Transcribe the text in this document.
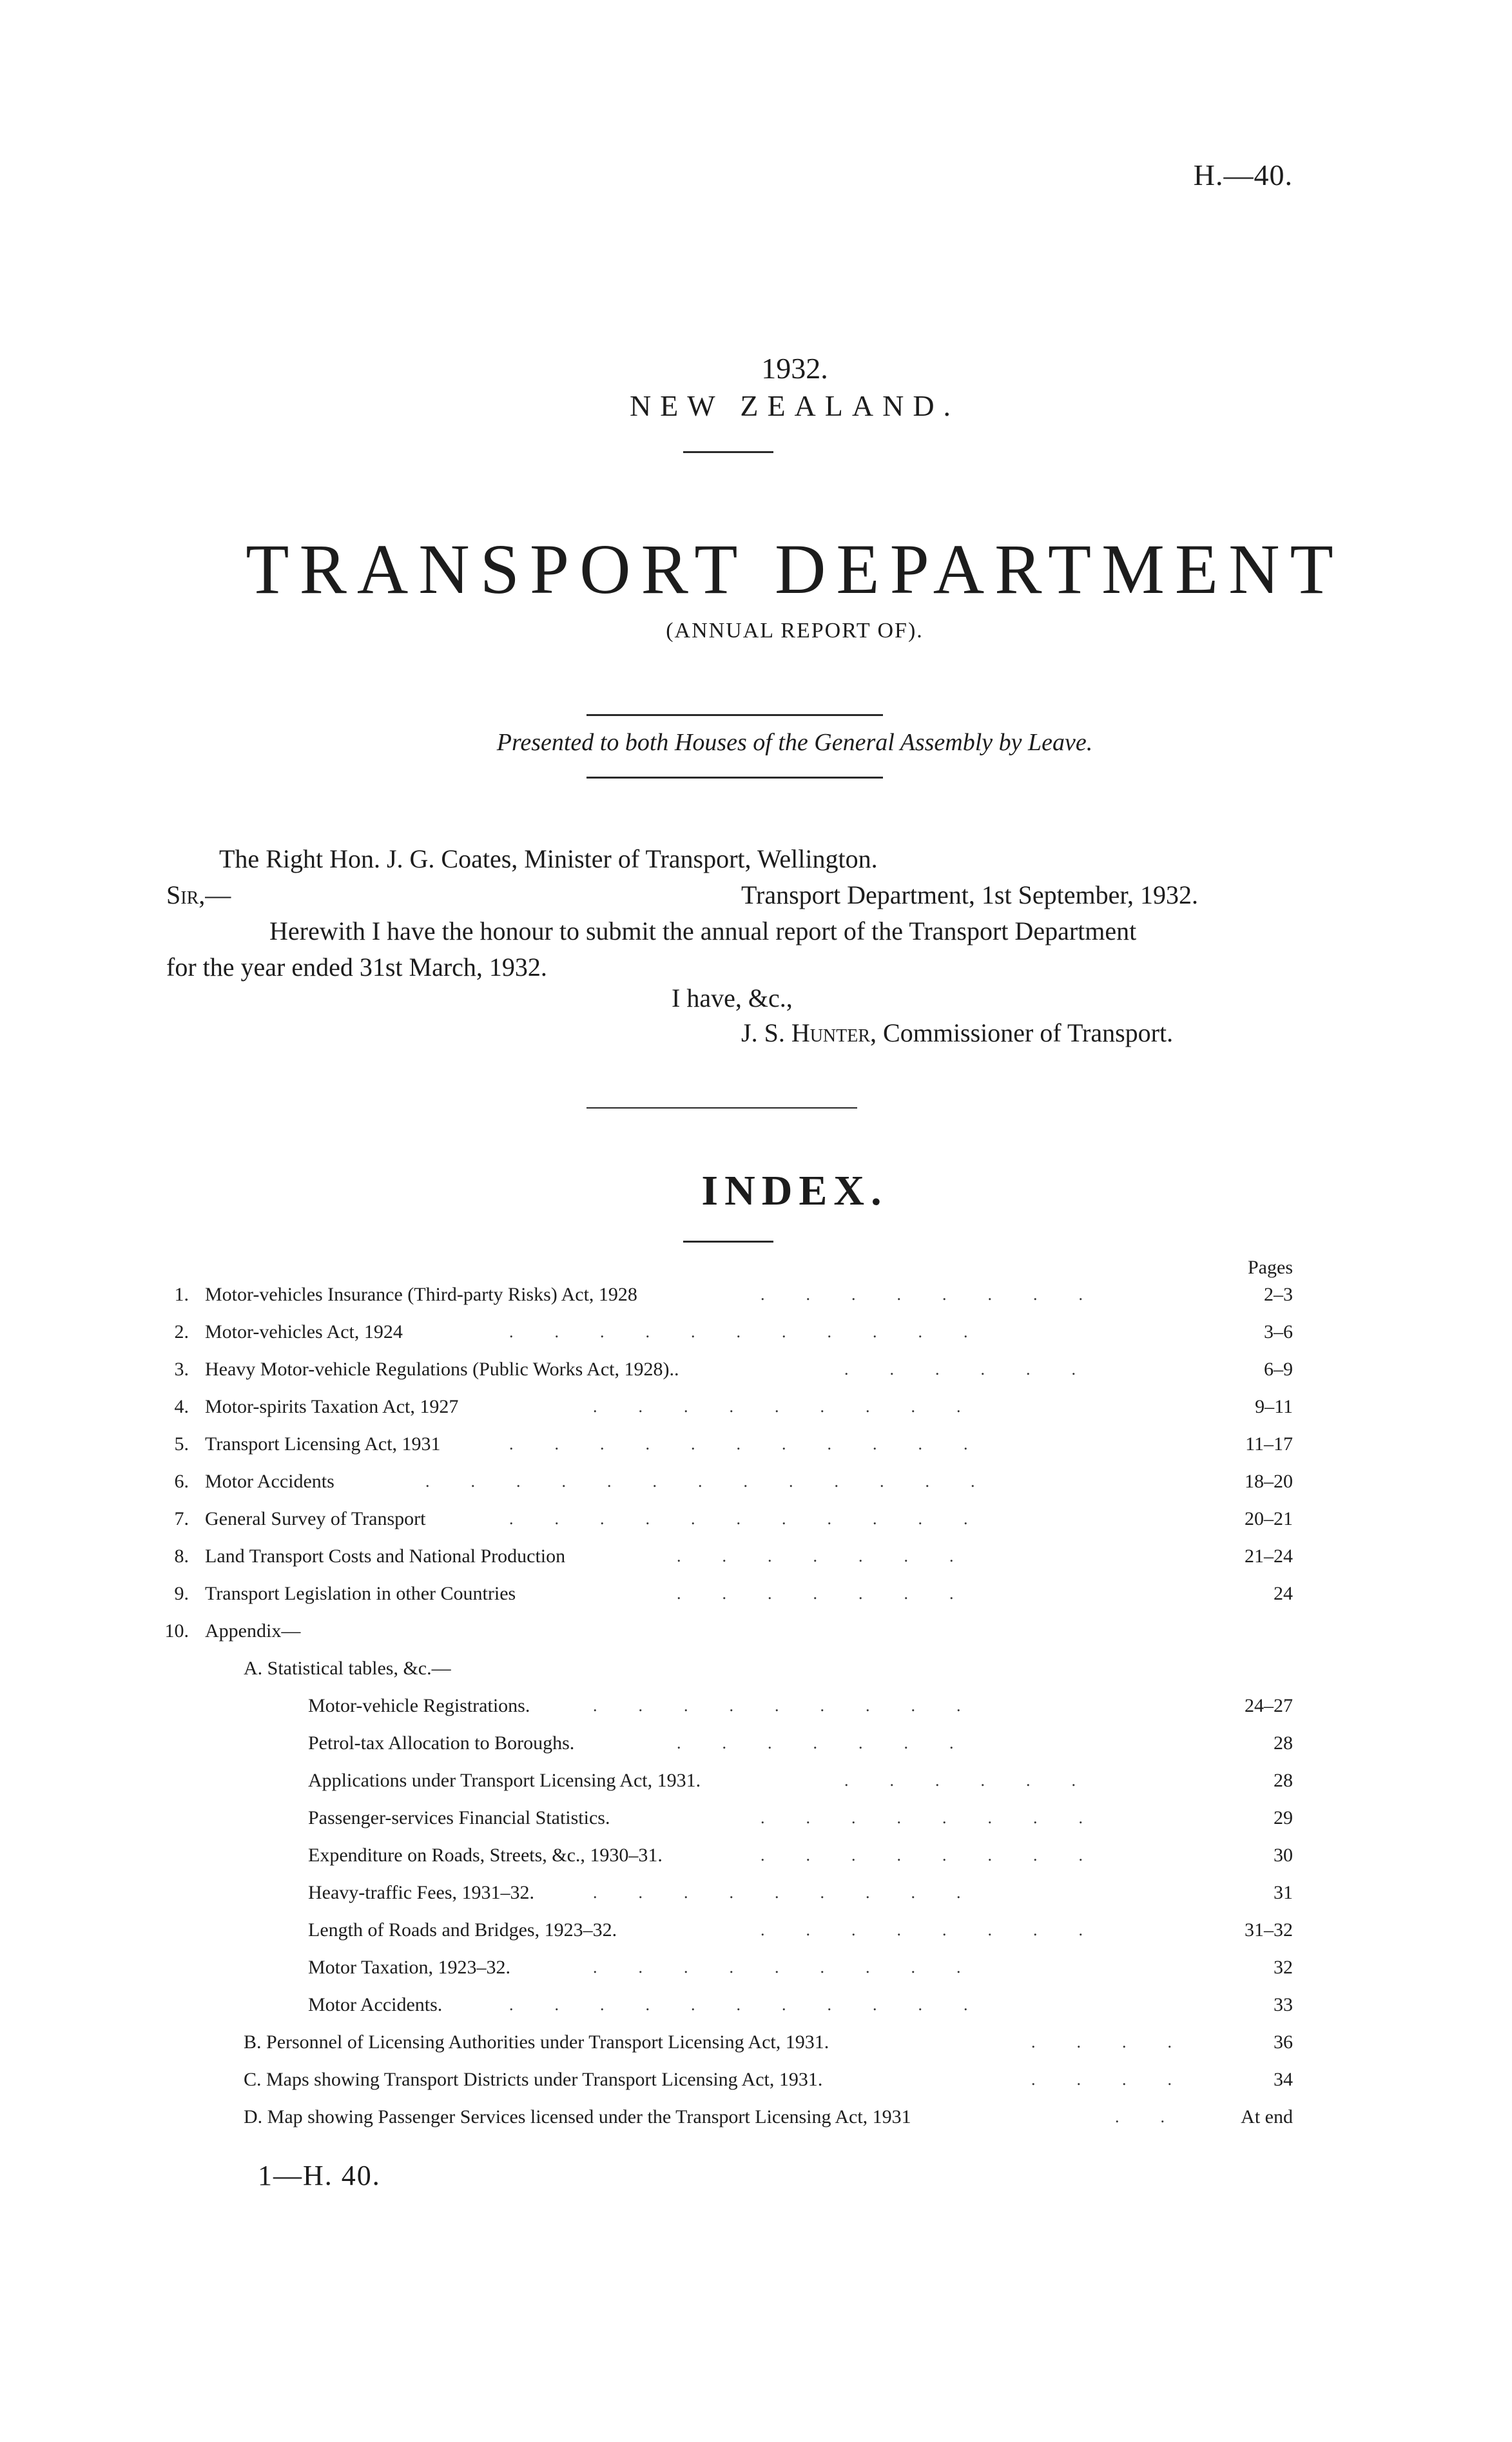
H.—40.
1932.
NEW ZEALAND.
TRANSPORT DEPARTMENT
(ANNUAL REPORT OF).
Presented to both Houses of the General Assembly by Leave.
The Right Hon. J. G. Coates, Minister of Transport, Wellington.
Sir,—	Transport Department, 1st September, 1932.
Herewith I have the honour to submit the annual report of the Transport Department
for the year ended 31st March, 1932.
I have, &c.,
J. S. Hunter, Commissioner of Transport.
INDEX.
Pages
1. Motor-vehicles Insurance (Third-party Risks) Act, 1928	........	2–3
2. Motor-vehicles Act, 1924	...........	3–6
3. Heavy Motor-vehicle Regulations (Public Works Act, 1928)..	......	6–9
4. Motor-spirits Taxation Act, 1927	.........	9–11
5. Transport Licensing Act, 1931	...........	11–17
6. Motor Accidents	.............	18–20
7. General Survey of Transport	...........	20–21
8. Land Transport Costs and National Production	.......	21–24
9. Transport Legislation in other Countries	.......	24
10. Appendix—
A. Statistical tables, &c.—
Motor-vehicle Registrations.	.........	24–27
Petrol-tax Allocation to Boroughs.	.......	28
Applications under Transport Licensing Act, 1931.	......	28
Passenger-services Financial Statistics.	........	29
Expenditure on Roads, Streets, &c., 1930–31.	........	30
Heavy-traffic Fees, 1931–32.	.........	31
Length of Roads and Bridges, 1923–32.	........	31–32
Motor Taxation, 1923–32.	.........	32
Motor Accidents.	...........	33
B. Personnel of Licensing Authorities under Transport Licensing Act, 1931.	....	36
C. Maps showing Transport Districts under Transport Licensing Act, 1931.	....	34
D. Map showing Passenger Services licensed under the Transport Licensing Act, 1931	.. At end
1—H. 40.
